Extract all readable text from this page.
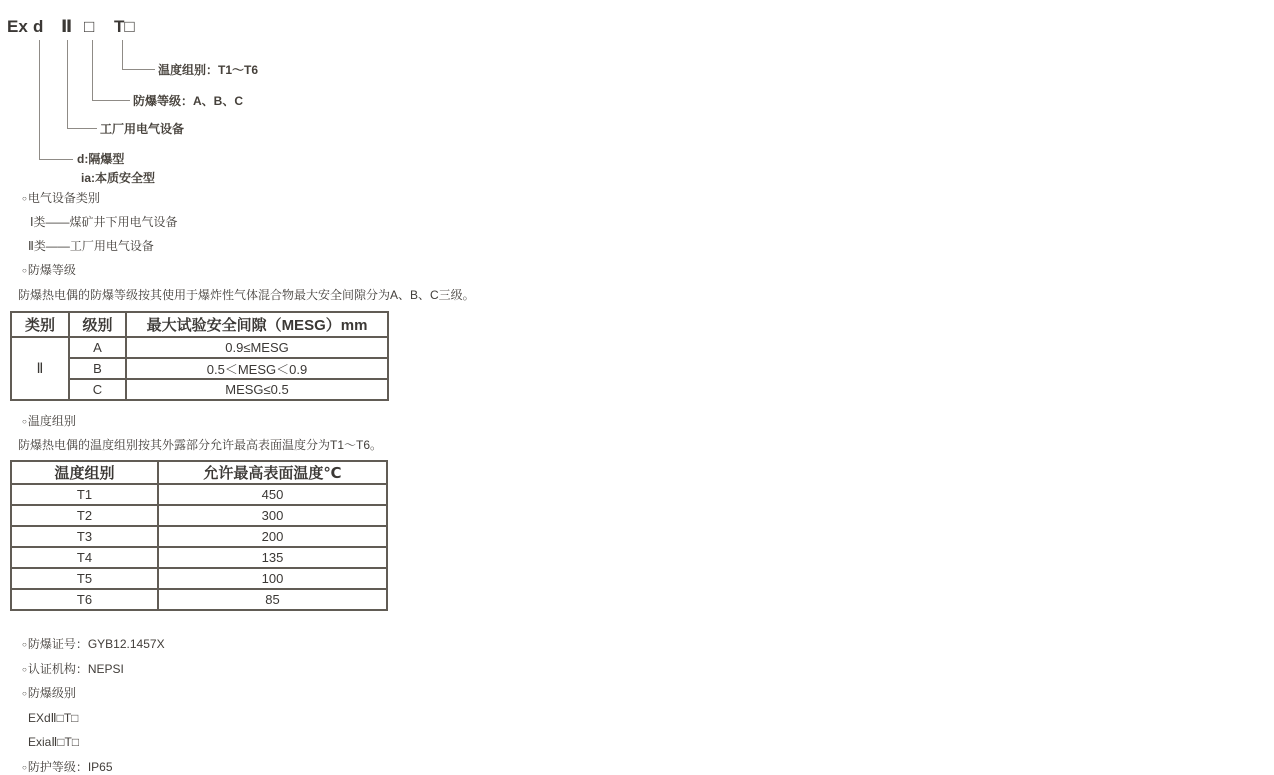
Ex d Ⅱ □ T□
温度组别：T1～T6
防爆等级：A、B、C
工厂用电气设备
d:隔爆型
ia:本质安全型
○电气设备类别
Ⅰ类——煤矿井下用电气设备
Ⅱ类——工厂用电气设备
○防爆等级
防爆热电偶的防爆等级按其使用于爆炸性气体混合物最大安全间隙分为A、B、C三级。
类别	级别	最大试验安全间隙（MESG）mm
Ⅱ	A	0.9≤MESG
	B	0.5＜MESG＜0.9
	C	MESG≤0.5
○温度组别
防爆热电偶的温度组别按其外露部分允许最高表面温度分为T1～T6。
温度组别	允许最高表面温度℃
T1	450
T2	300
T3	200
T4	135
T5	100
T6	85
○防爆证号：GYB12.1457X
○认证机构：NEPSI
○防爆级别
EXdⅡ□T□
ExiaⅡ□T□
○防护等级：IP65
